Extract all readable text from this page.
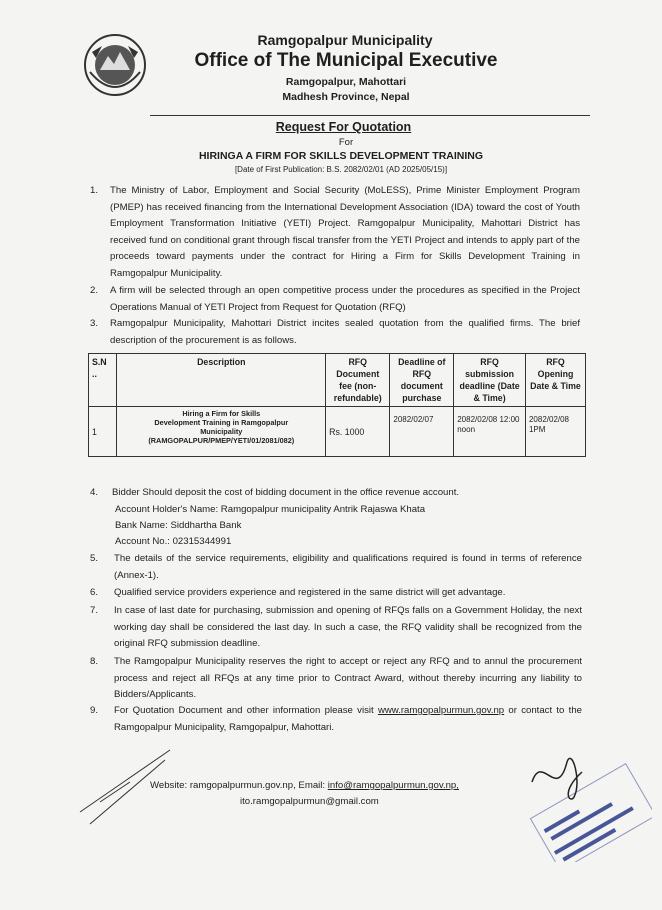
Ramgopalpur Municipality
Office of The Municipal Executive
Ramgopalpur, Mahottari
Madhesh Province, Nepal
Request For Quotation
For
HIRINGA A FIRM FOR SKILLS DEVELOPMENT TRAINING
[Date of First Publication: B.S. 2082/02/01 (AD 2025/05/15)]
1. The Ministry of Labor, Employment and Social Security (MoLESS), Prime Minister Employment Program (PMEP) has received financing from the International Development Association (IDA) toward the cost of Youth Employment Transformation Initiative (YETI) Project. Ramgopalpur Municipality, Mahottari District has received fund on conditional grant through fiscal transfer from the YETI Project and intends to apply part of the proceeds toward payments under the contract for Hiring a Firm for Skills Development Training in Ramgopalpur Municipality.
2. A firm will be selected through an open competitive process under the procedures as specified in the Project Operations Manual of YETI Project from Request for Quotation (RFQ)
3. Ramgopalpur Municipality, Mahottari District incites sealed quotation from the qualified firms. The brief description of the procurement is as follows.
S.N ..	Description	RFQ Document fee (non-refundable)	Deadline of RFQ document purchase	RFQ submission deadline (Date & Time)	RFQ Opening Date & Time
1	Hiring a Firm for Skills
Development Training in Ramgopalpur
Municipality
(RAMGOPALPUR/PMEP/YETI/01/2081/082)	Rs. 1000	2082/02/07	2082/02/08 12:00 noon	2082/02/08 1PM
4. Bidder Should deposit the cost of bidding document in the office revenue account.
Account Holder's Name: Ramgopalpur municipality Antrik Rajaswa Khata
Bank Name: Siddhartha Bank
Account No.: 02315344991
5. The details of the service requirements, eligibility and qualifications required is found in terms of reference (Annex-1).
6. Qualified service providers experience and registered in the same district will get advantage.
7. In case of last date for purchasing, submission and opening of RFQs falls on a Government Holiday, the next working day shall be considered the last day. In such a case, the RFQ validity shall be recognized from the original RFQ submission deadline.
8. The Ramgopalpur Municipality reserves the right to accept or reject any RFQ and to annul the procurement process and reject all RFQs at any time prior to Contract Award, without thereby incurring any liability to Bidders/Applicants.
9. For Quotation Document and other information please visit www.ramgopalpurmun.gov.np or contact to the Ramgopalpur Municipality, Ramgopalpur, Mahottari.
Website: ramgopalpurmun.gov.np, Email: info@ramgopalpurmun.gov.np,
ito.ramgopalpurmun@gmail.com
